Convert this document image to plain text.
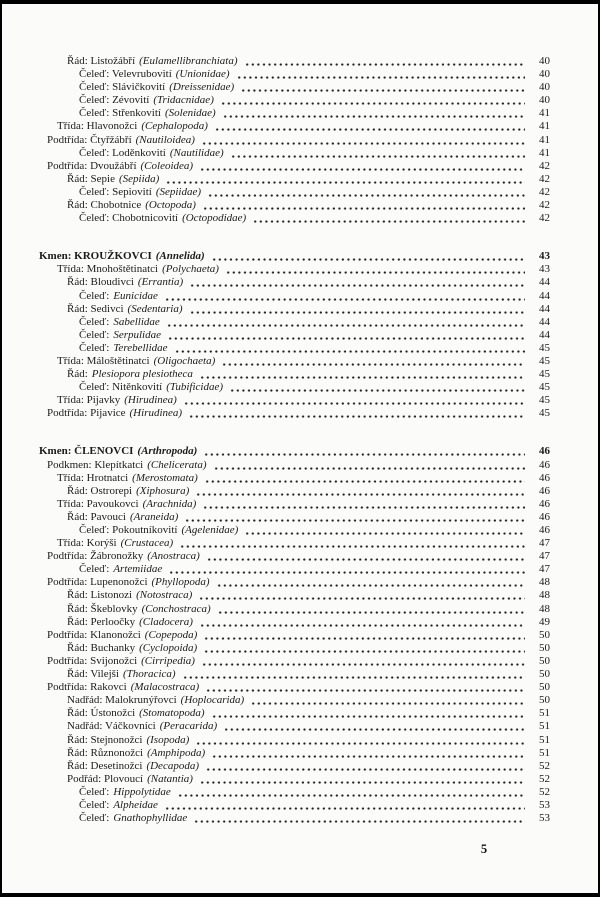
Řád: Listožábří (Eulamellibranchiata)	40
Čeleď: Velevrubovití (Unionidae)	40
Čeleď: Slávičkovití (Dreissenidae)	40
Čeleď: Zévovití (Tridacnidae)	40
Čeleď: Střenkovití (Solenidae)	41
Třída: Hlavonožci (Cephalopoda)	41
Podtřída: Čtyřžábří (Nautiloidea)	41
Čeleď: Loděnkovití (Nautilidae)	41
Podtřída: Dvoužábří (Coleoidea)	42
Řád: Sepie (Sepiida)	42
Čeleď: Sepiovití (Sepiidae)	42
Řád: Chobotnice (Octopoda)	42
Čeleď: Chobotnicovití (Octopodidae)	42
Kmen: KROUŽKOVCI (Annelida)	43
Třída: Mnohoštětinatci (Polychaeta)	43
Řád: Bloudivci (Errantia)	44
Čeleď: Eunicidae	44
Řád: Sedivci (Sedentaria)	44
Čeleď: Sabellidae	44
Čeleď: Serpulidae	44
Čeleď: Terebellidae	45
Třída: Máloštětinatci (Oligochaeta)	45
Řád: Plesiopora plesiotheca	45
Čeleď: Nitěnkovití (Tubificidae)	45
Třída: Pijavky (Hirudinea)	45
Podtřída: Pijavice (Hirudinea)	45
Kmen: ČLENOVCI (Arthropoda)	46
Podkmen: Klepítkatci (Chelicerata)	46
Třída: Hrotnatci (Merostomata)	46
Řád: Ostrorepi (Xiphosura)	46
Třída: Pavoukovci (Arachnida)	46
Řád: Pavouci (Araneida)	46
Čeleď: Pokoutníkovití (Agelenidae)	46
Třída: Korýši (Crustacea)	47
Podtřída: Žábronožky (Anostraca)	47
Čeleď: Artemiidae	47
Podtřída: Lupenonožci (Phyllopoda)	48
Řád: Listonozi (Notostraca)	48
Řád: Škeblovky (Conchostraca)	48
Řád: Perloočky (Cladocera)	49
Podtřída: Klanonožci (Copepoda)	50
Řád: Buchanky (Cyclopoida)	50
Podtřída: Svijonožci (Cirripedia)	50
Řád: Vilejši (Thoracica)	50
Podtřída: Rakovci (Malacostraca)	50
Nadřád: Malokrunýřovci (Hoplocarida)	50
Řád: Ústonožci (Stomatopoda)	51
Nadřád: Váčkovníci (Peracarida)	51
Řád: Stejnonožci (Isopoda)	51
Řád: Různonožci (Amphipoda)	51
Řád: Desetinožci (Decapoda)	52
Podřád: Plovoucí (Natantia)	52
Čeleď: Hippolytidae	52
Čeleď: Alpheidae	53
Čeleď: Gnathophyllidae	53
5
